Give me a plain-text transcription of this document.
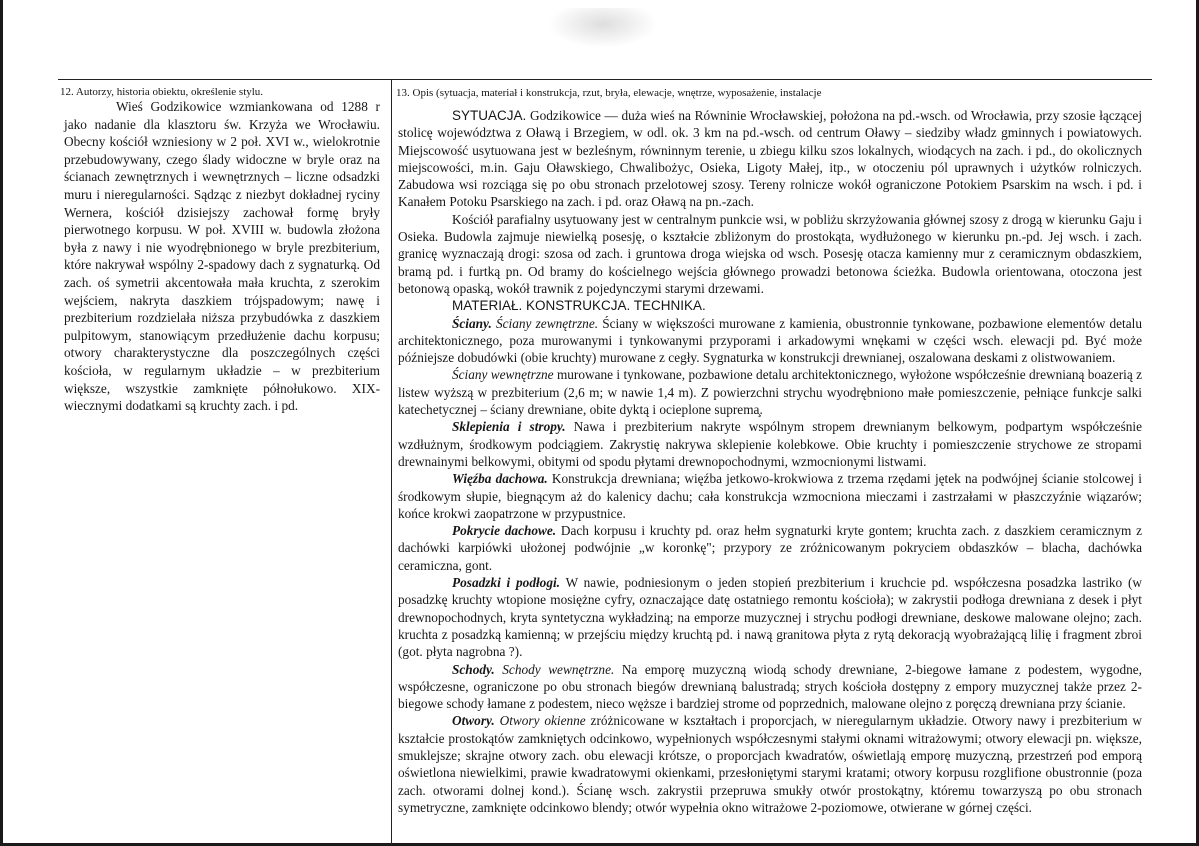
12. Autorzy, historia obiektu, określenie stylu.

Wieś Godzikowice wzmiankowana od 1288 r jako nadanie dla klasztoru św. Krzyża we Wrocławiu. Obecny kościół wzniesiony w 2 poł. XVI w., wielokrotnie przebudowywany, czego ślady widoczne w bryle oraz na ścianach zewnętrznych i wewnętrznych – liczne odsadzki muru i nieregularności. Sądząc z niezbyt dokładnej ryciny Wernera, kościół dzisiejszy zachował formę bryły pierwotnego korpusu. W poł. XVIII w. budowla złożona była z nawy i nie wyodrębnionego w bryle prezbiterium, które nakrywał wspólny 2-spadowy dach z sygnaturką. Od zach. oś symetrii akcentowała mała kruchta, z szerokim wejściem, nakryta daszkiem trójspadowym; nawę i prezbiterium rozdzielała niższa przybudówka z daszkiem pulpitowym, stanowiącym przedłużenie dachu korpusu; otwory charakterystyczne dla poszczególnych części kościoła, w regularnym układzie – w prezbiterium większe, wszystkie zamknięte półnołukowo. XIX-wiecznymi dodatkami są kruchty zach. i pd.

13. Opis (sytuacja, materiał i konstrukcja, rzut, bryła, elewacje, wnętrze, wyposażenie, instalacje

SYTUACJA. Godzikowice — duża wieś na Równinie Wrocławskiej, położona na pd.-wsch. od Wrocławia, przy szosie łączącej stolicę województwa z Oławą i Brzegiem, w odl. ok. 3 km na pd.-wsch. od centrum Oławy – siedziby władz gminnych i powiatowych. Miejscowość usytuowana jest w bezleśnym, równinnym terenie, u zbiegu kilku szos lokalnych, wiodących na zach. i pd., do okolicznych miejscowości, m.in. Gaju Oławskiego, Chwalibożyc, Osieka, Ligoty Małej, itp., w otoczeniu pól uprawnych i użytków rolniczych. Zabudowa wsi rozciąga się po obu stronach przelotowej szosy. Tereny rolnicze wokół ograniczone Potokiem Psarskim na wsch. i pd. i Kanałem Potoku Psarskiego na zach. i pd. oraz Oławą na pn.-zach.

Kościół parafialny usytuowany jest w centralnym punkcie wsi, w pobliżu skrzyżowania głównej szosy z drogą w kierunku Gaju i Osieka. Budowla zajmuje niewielką posesję, o kształcie zbliżonym do prostokąta, wydłużonego w kierunku pn.-pd. Jej wsch. i zach. granicę wyznaczają drogi: szosa od zach. i gruntowa droga wiejska od wsch. Posesję otacza kamienny mur z ceramicznym obdaszkiem, bramą pd. i furtką pn. Od bramy do kościelnego wejścia głównego prowadzi betonowa ścieżka. Budowla orientowana, otoczona jest betonową opaską, wokół trawnik z pojedynczymi starymi drzewami.

MATERIAŁ. KONSTRUKCJA. TECHNIKA.

Ściany. Ściany zewnętrzne. Ściany w większości murowane z kamienia, obustronnie tynkowane, pozbawione elementów detalu architektonicznego, poza murowanymi i tynkowanymi przyporami i arkadowymi wnękami w części wsch. elewacji pd. Być może późniejsze dobudówki (obie kruchty) murowane z cegły. Sygnaturka w konstrukcji drewnianej, oszalowana deskami z olistwowaniem.

Ściany wewnętrzne murowane i tynkowane, pozbawione detalu architektonicznego, wyłożone współcześnie drewnianą boazerią z listew wyższą w prezbiterium (2,6 m; w nawie 1,4 m). Z powierzchni strychu wyodrębniono małe pomieszczenie, pełniące funkcje salki katechetycznej – ściany drewniane, obite dyktą i ocieplone suprema̧.

Sklepienia i stropy. Nawa i prezbiterium nakryte wspólnym stropem drewnianym belkowym, podpartym współcześnie wzdłużnym, środkowym podciągiem. Zakrystię nakrywa sklepienie kolebkowe. Obie kruchty i pomieszczenie strychowe ze stropami drewnainymi belkowymi, obitymi od spodu płytami drewnopochodnymi, wzmocnionymi listwami.

Więźba dachowa. Konstrukcja drewniana; więźba jetkowo-krokwiowa z trzema rzędami jętek na podwójnej ścianie stolcowej i środkowym słupie, biegnącym aż do kalenicy dachu; cała konstrukcja wzmocniona mieczami i zastrzałami w płaszczyźnie wiązarów; końce krokwi zaopatrzone w przypustnice.

Pokrycie dachowe. Dach korpusu i kruchty pd. oraz hełm sygnaturki kryte gontem; kruchta zach. z daszkiem ceramicznym z dachówki karpiówki ułożonej podwójnie „w koronkę"; przypory ze zróżnicowanym pokryciem obdaszków – blacha, dachówka ceramiczna, gont.

Posadzki i podłogi. W nawie, podniesionym o jeden stopień prezbiterium i kruchcie pd. współczesna posadzka lastriko (w posadzkę kruchty wtopione mosiężne cyfry, oznaczające datę ostatniego remontu kościoła); w zakrystii podłoga drewniana z desek i płyt drewnopochodnych, kryta syntetyczna wykładziną; na emporze muzycznej i strychu podłogi drewniane, deskowe malowane olejno; zach. kruchta z posadzką kamienną; w przejściu między kruchtą pd. i nawą granitowa płyta z rytą dekoracją wyobrażającą lilię i fragment zbroi (got. płyta nagrobna ?).

Schody. Schody wewnętrzne. Na emporę muzyczną wiodą schody drewniane, 2-biegowe łamane z podestem, wygodne, współczesne, ograniczone po obu stronach biegów drewnianą balustradą; strych kościoła dostępny z empory muzycznej także przez 2-biegowe schody łamane z podestem, nieco węższe i bardziej strome od poprzednich, malowane olejno z poręczą drewniana przy ścianie.

Otwory. Otwory okienne zróżnicowane w kształtach i proporcjach, w nieregularnym układzie. Otwory nawy i prezbiterium w kształcie prostokątów zamkniętych odcinkowo, wypełnionych współczesnymi stałymi oknami witrażowymi; otwory elewacji pn. większe, smuklejsze; skrajne otwory zach. obu elewacji krótsze, o proporcjach kwadratów, oświetlają emporę muzyczną, przestrzeń pod emporą oświetlona niewielkimi, prawie kwadratowymi okienkami, przesłoniętymi starymi kratami; otwory korpusu rozglifione obustronnie (poza zach. otworami dolnej kond.). Ścianę wsch. zakrystii przepruwa smukły otwór prostokątny, któremu towarzyszą po obu stronach symetryczne, zamknięte odcinkowo blendy; otwór wypełnia okno witrażowe 2-poziomowe, otwierane w górnej części.
